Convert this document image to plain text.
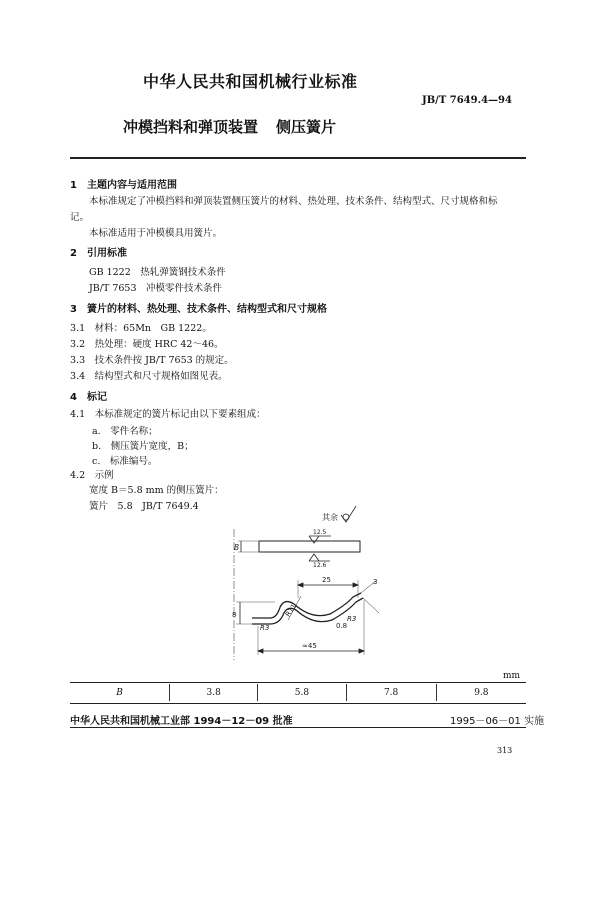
中华人民共和国机械行业标准
JB/T 7649.4—94
冲模挡料和弹顶装置 侧压簧片
1　主题内容与适用范围
本标准规定了冲模挡料和弹顶装置侧压簧片的材料、热处理、技术条件、结构型式、尺寸规格和标
记。
本标准适用于冲模模具用簧片。
2　引用标准
GB 1222　热轧弹簧钢技术条件
JB/T 7653　冲模零件技术条件
3　簧片的材料、热处理、技术条件、结构型式和尺寸规格
3.1　材料：65Mn　GB 1222。
3.2　热处理：硬度 HRC 42～46。
3.3　技术条件按 JB/T 7653 的规定。
3.4　结构型式和尺寸规格如图见表。
4　标记
4.1　本标准规定的簧片标记由以下要素组成：
a.　零件名称；
b.　侧压簧片宽度，B；
c.　标准编号。
4.2　示例
宽度 B＝5.8 mm 的侧压簧片：
簧片　5.8　JB/T 7649.4
其余
12.5
B
12.6
25	3
R11
8
R3
R3
0.8
≈45
mm
B	3.8	5.8	7.8	9.8
中华人民共和国机械工业部 1994－12－09 批准	1995－06－01 实施
313
